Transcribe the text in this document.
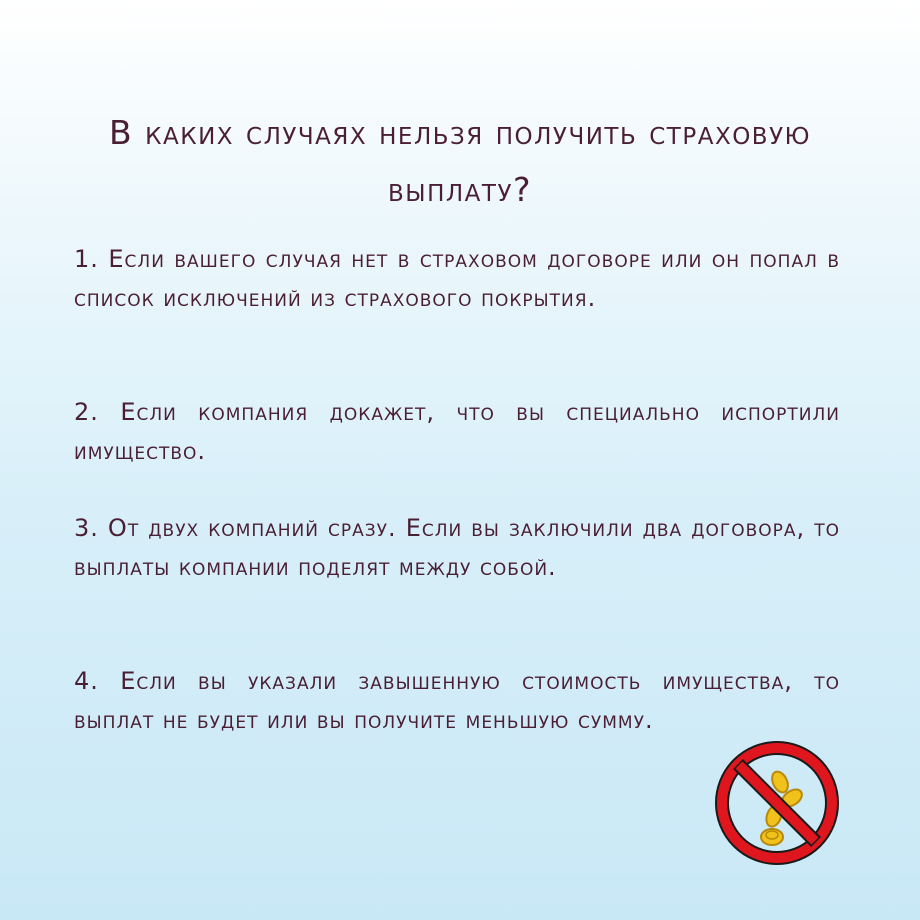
В каких случаях нельзя получить страховую выплату?

1. Если вашего случая нет в страховом договоре или он попал в список исключений из страхового покрытия.

2. Если компания докажет, что вы специально испортили имущество.

3. От двух компаний сразу. Если вы заключили два договора, то выплаты компании поделят между собой.

4. Если вы указали завышенную стоимость имущества, то выплат не будет или вы получите меньшую сумму.
